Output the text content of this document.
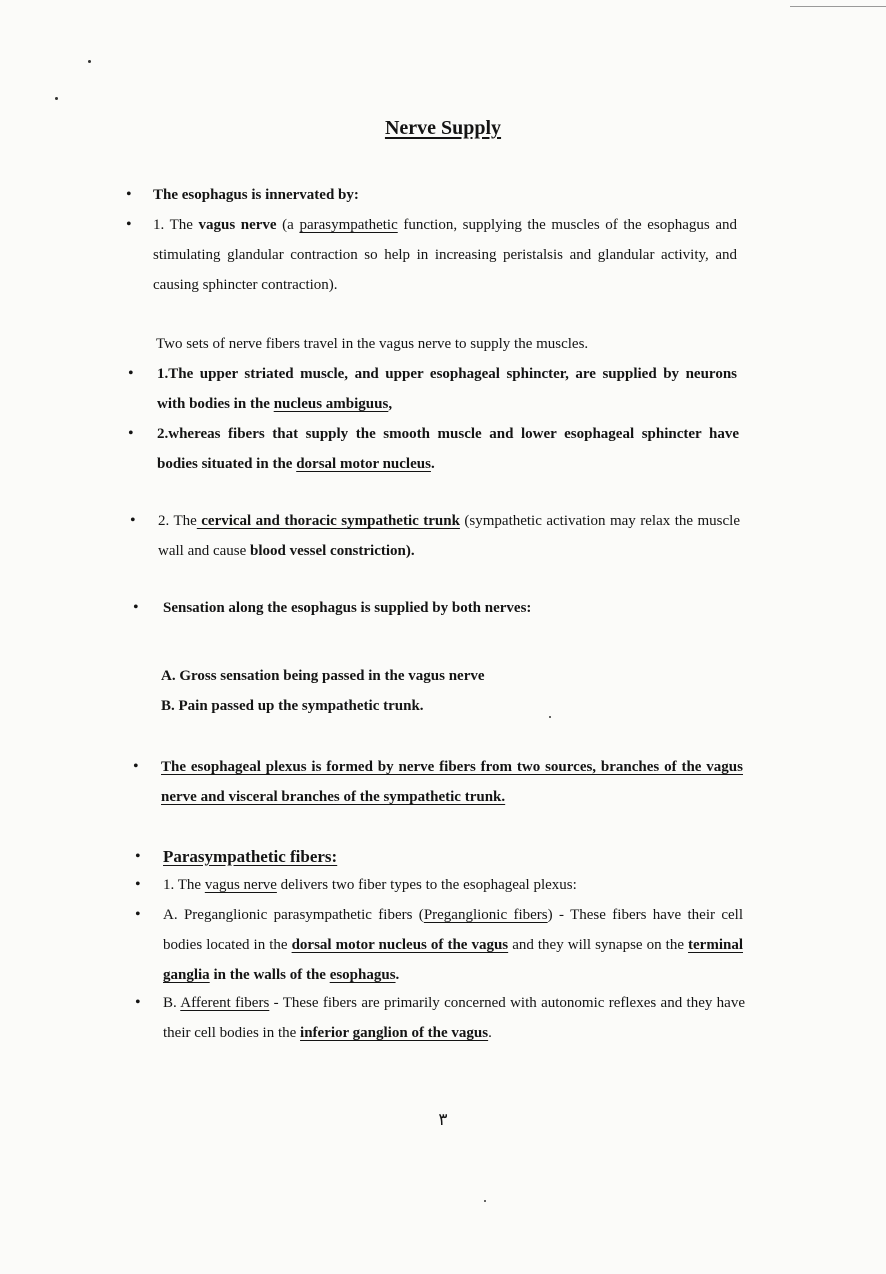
Nerve Supply
• The esophagus is innervated by:
• 1. The vagus nerve (a parasympathetic function, supplying the muscles of the esophagus and stimulating glandular contraction so help in increasing peristalsis and glandular activity, and causing sphincter contraction).
Two sets of nerve fibers travel in the vagus nerve to supply the muscles.
• 1.The upper striated muscle, and upper esophageal sphincter, are supplied by neurons with bodies in the nucleus ambiguus,
• 2.whereas fibers that supply the smooth muscle and lower esophageal sphincter have bodies situated in the dorsal motor nucleus.
• 2. The cervical and thoracic sympathetic trunk (sympathetic activation may relax the muscle wall and cause blood vessel constriction).
• Sensation along the esophagus is supplied by both nerves:
A. Gross sensation being passed in the vagus nerve
B. Pain passed up the sympathetic trunk.
• The esophageal plexus is formed by nerve fibers from two sources, branches of the vagus nerve and visceral branches of the sympathetic trunk.
• Parasympathetic fibers:
• 1. The vagus nerve delivers two fiber types to the esophageal plexus:
• A. Preganglionic parasympathetic fibers (Preganglionic fibers) - These fibers have their cell bodies located in the dorsal motor nucleus of the vagus and they will synapse on the terminal ganglia in the walls of the esophagus.
• B. Afferent fibers - These fibers are primarily concerned with autonomic reflexes and they have their cell bodies in the inferior ganglion of the vagus.
٣
